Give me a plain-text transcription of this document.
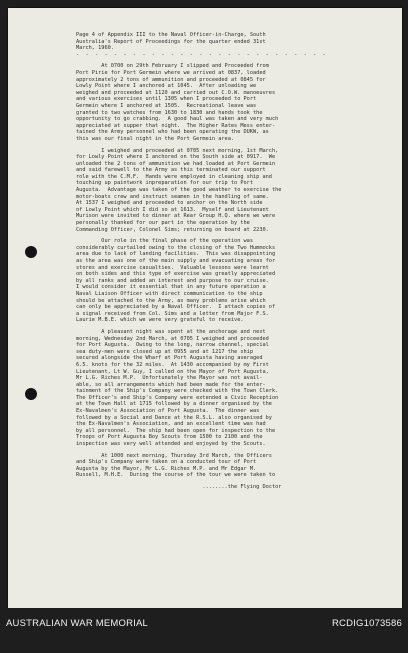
Page 4 of Appendix III to the Naval Officer-in-Charge, South
Australia's Report of Proceedings for the quarter ended 31st
March, 1960.
-  -  -  -  -  -  -  -  -  -  -  -  -  -  -  -  -  -  -  -  -  -  -  -  -  -  -
At 0700 on 29th February I slipped and Proceeded from
Port Pirie for Port Germein where we arrived at 0837, loaded
approximately 2 tons of ammunition and proceeded at 0845 for
Lowly Point where I anchored at 1045.  After unloading we
weighed and proceeded at 1120 and carried out C.O.W. manoeuvres
and various exercises until 1305 when I proceeded to Port
Germein where I anchored at 1505.  Recreational leave was
granted to two watches from 1630 to 1830 and hands took the
opportunity to go crabbing.  A good haul was taken and very much
appreciated at supper that night.  The Higher Rates Mess enter-
tained the Army personnel who had been operating the DUKW, as
this was our final night in the Port Germein area.
I weighed and proceeded at 0705 next morning, 1st March,
for Lowly Point where I anchored on the South side at 0917.  We
unloaded the 2 tons of ammunition we had loaded at Port Germein
and said farewell to the Army as this terminated our support
role with the C.M.F.  Hands were employed in cleaning ship and
touching up paintwork inpreparation for our trip to Port
Augusta.  Advantage was taken of the good weather to exercise the
motor-boats crew and instruct seamen in the handling of same.
At 1537 I weighed and proceeded to anchor on the North side
of Lowly Point which I did so at 1613.  Myself and Lieutenant
Murison were invited to dinner at Rear Group H.Q. where we were
personally thanked for our part in the operation by the
Commanding Officer, Colonel Sims; returning on board at 2230.
Our role in the final phase of the operation was
considerably curtailed owing to the closing of the Two Hummocks
area due to lack of landing facilities.  This was disappointing
as the area was one of the main supply and evacuating areas for
stores and exercise casualties.  Valuable lessons were learnt
on both sides and this type of exercise was greatly appreciated
by all ranks and added an interest and purpose to our cruise.
I would consider it essential that in any future operation a
Naval Liaison Officer with direct communication to the ship
should be attached to the Army, as many problems arise which
can only be appreciated by a Naval Officer.  I attach copies of
a signal received from Col. Sims and a letter from Major F.S.
Laurie M.B.E. which we were very grateful to receive.
A pleasant night was spent at the anchorage and next
morning, Wednesday 2nd March, at 0705 I weighed and proceeded
for Port Augusta.  Owing to the long, narrow channel, special
sea duty-men were closed up at 0955 and at 1217 the ship
secured alongside the Wharf at Port Augusta having averaged
6.5. knots for the 32 miles.  At 1430 accompanied by my First
Lieutenant, Lt W. Guy, I called on the Mayor of Port Augusta,
Mr L.G. Riches M.P.  Unfortunately the Mayor was not avail-
able, so all arrangements which had been made for the enter-
tainment of the Ship's Company were checked with the Town Clerk.
The Officer's and Ship's Company were extended a Civic Reception
at the Town Hall at 1715 followed by a dinner organised by the
Ex-Navalmen's Association of Port Augusta.  The dinner was
followed by a Social and Dance at the R.S.L. also organised by
the Ex-Navalmen's Association, and an excellent time was had
by all personnel.  The ship had been open for inspection to the
Troops of Port Augusta Boy Scouts from 1500 to 2100 and the
inspection was very well attended and enjoyed by the Scouts.
At 1000 next morning, Thursday 3rd March, the Officers
and Ship's Company were taken on a conducted tour of Port
Augusta by the Mayor, Mr L.G. Riches M.P. and Mr Edgar M.
Russell, M.H.E.  During the course of the tour we were taken to
........the Flying Doctor
AUSTRALIAN WAR MEMORIAL	RCDIG1073586
